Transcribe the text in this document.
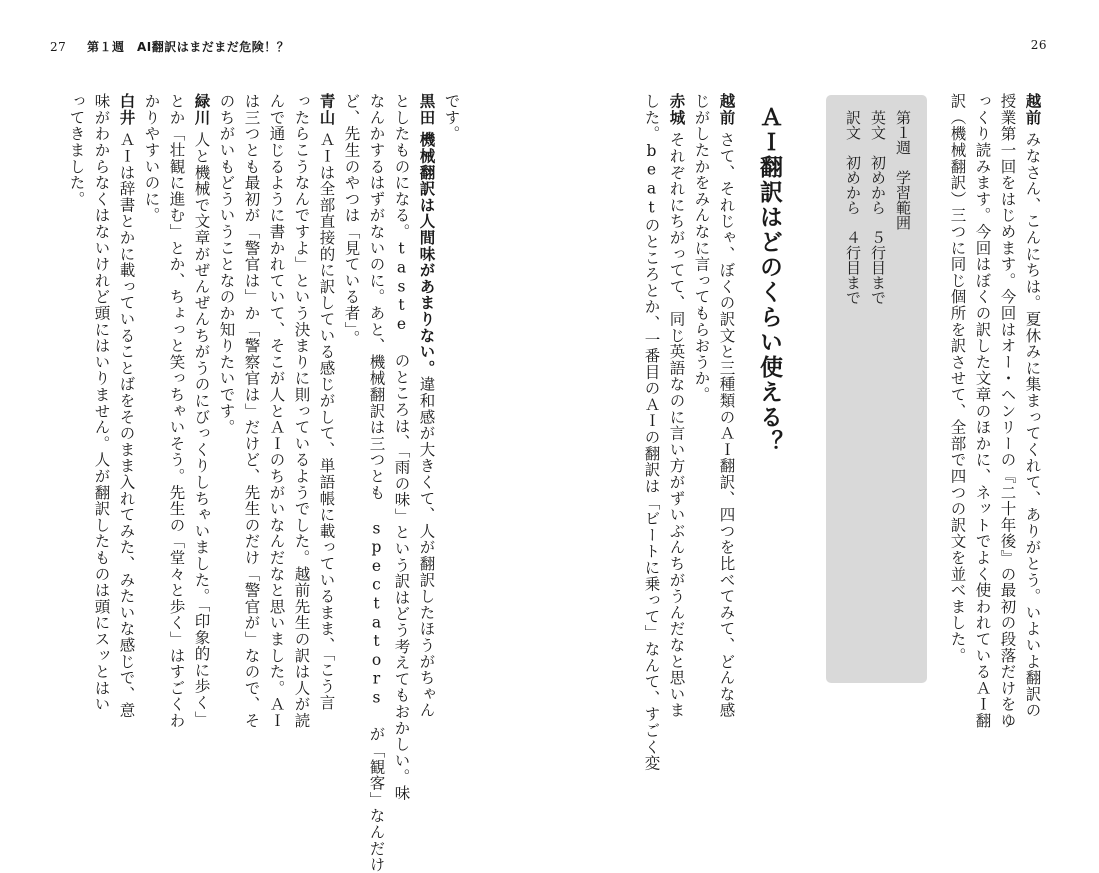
27 第１週　AI翻訳はまだまだ危険！？	26
越前みなさん、こんにちは。夏休みに集まってくれて、ありがとう。いよいよ翻訳の
授業第一回をはじめます。今回はオー・ヘンリーの『二十年後』の最初の段落だけをゆ
っくり読みます。今回はぼくの訳した文章のほかに、ネットでよく使われているＡＩ翻
訳（機械翻訳）三つに同じ個所を訳させて、全部で四つの訳文を並べました。
第１週　学習範囲
英文　初めから　５行目まで
訳文　初めから　４行目まで
ＡＩ翻訳はどのくらい使える？
越前さて、それじゃ、ぼくの訳文と三種類のＡＩ翻訳、四つを比べてみて、どんな感
じがしたかをみんなに言ってもらおうか。
赤城それぞれにちがってて、同じ英語なのに言い方がずいぶんちがうんだなと思いま
した。beatのところとか、一番目のＡＩの翻訳は「ビートに乗って」なんて、すごく変
です。
黒田機械翻訳は人間味があまりない。違和感が大きくて、人が翻訳したほうがちゃん
としたものになる。taste のところは、「雨の味」という訳はどう考えてもおかしい。味
なんかするはずがないのに。あと、機械翻訳は三つとも spectators が「観客」なんだけ
ど、先生のやつは「見ている者」。
青山ＡＩは全部直接的に訳している感じがして、単語帳に載っているまま、「こう言
ったらこうなんですよ」という決まりに則っているようでした。越前先生の訳は人が読
んで通じるように書かれていて、そこが人とＡＩのちがいなんだなと思いました。ＡＩ
は三つとも最初が「警官は」か「警察官は」だけど、先生のだけ「警官が」なので、そ
のちがいもどういうことなのか知りたいです。
緑川人と機械で文章がぜんぜんちがうのにびっくりしちゃいました。「印象的に歩く」
とか「壮観に進む」とか、ちょっと笑っちゃいそう。先生の「堂々と歩く」はすごくわ
かりやすいのに。
白井ＡＩは辞書とかに載っていることばをそのまま入れてみた、みたいな感じで、意
味がわからなくはないけれど頭にはいりません。人が翻訳したものは頭にスッとはい
ってきました。
